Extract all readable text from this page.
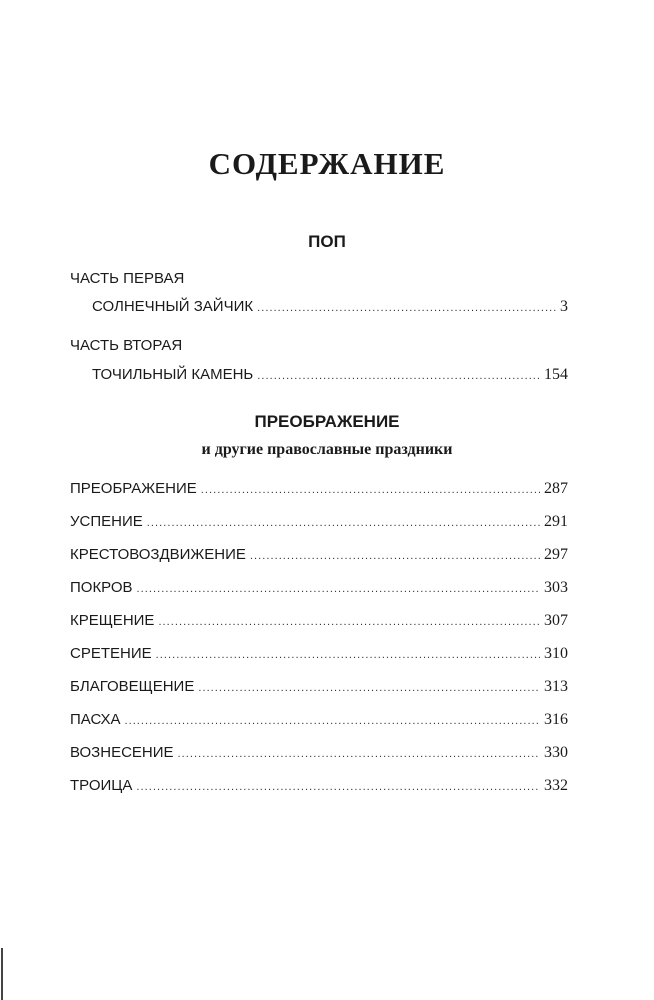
СОДЕРЖАНИЕ
ПОП
ЧАСТЬ ПЕРВАЯ
СОЛНЕЧНЫЙ ЗАЙЧИК . . .	3
ЧАСТЬ ВТОРАЯ
ТОЧИЛЬНЫЙ КАМЕНЬ . . .	154
ПРЕОБРАЖЕНИЕ
и другие православные праздники
ПРЕОБРАЖЕНИЕ . . .	287
УСПЕНИЕ . . .	291
КРЕСТОВОЗДВИЖЕНИЕ . . .	297
ПОКРОВ . . .	303
КРЕЩЕНИЕ . . .	307
СРЕТЕНИЕ . . .	310
БЛАГОВЕЩЕНИЕ . . .	313
ПАСХА . . .	316
ВОЗНЕСЕНИЕ . . .	330
ТРОИЦА . . .	332
